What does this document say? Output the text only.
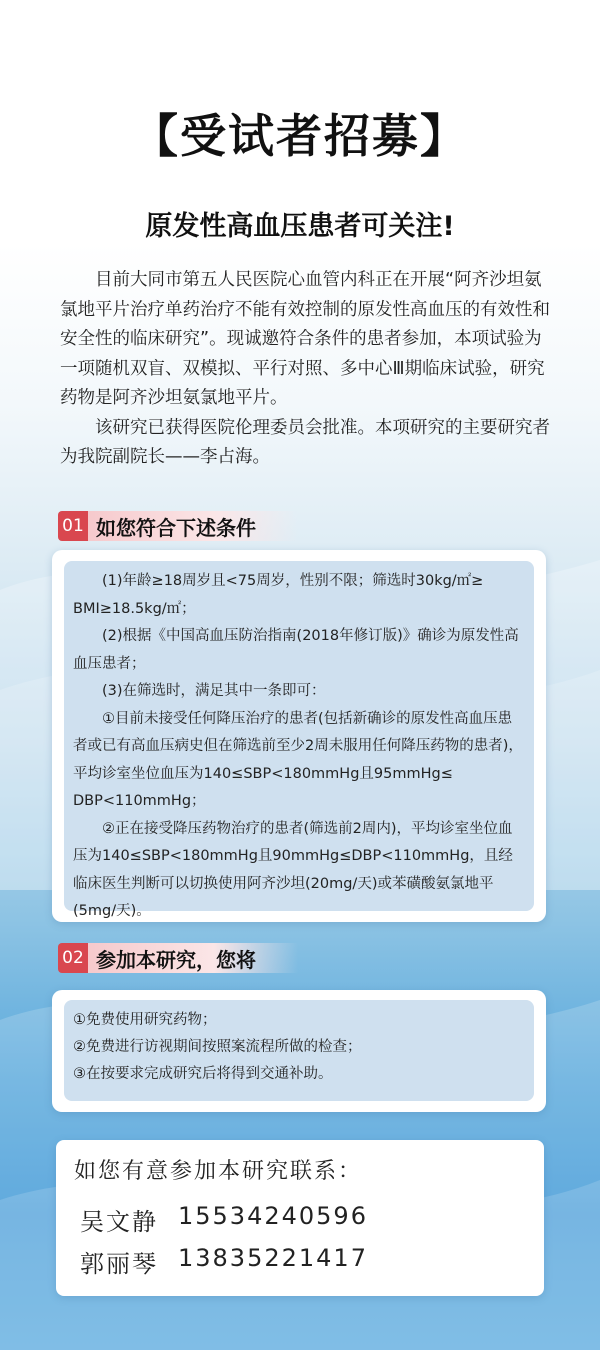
【受试者招募】
原发性高血压患者可关注!

目前大同市第五人民医院心血管内科正在开展“阿齐沙坦氨氯地平片治疗单药治疗不能有效控制的原发性高血压的有效性和安全性的临床研究”。现诚邀符合条件的患者参加，本项试验为一项随机双盲、双模拟、平行对照、多中心Ⅲ期临床试验，研究药物是阿齐沙坦氨氯地平片。

该研究已获得医院伦理委员会批准。本项研究的主要研究者为我院副院长——李占海。

01 如您符合下述条件

(1)年龄≥18周岁且<75周岁，性别不限；筛选时30kg/㎡≥

BMI≥18.5kg/㎡；

(2)根据《中国高血压防治指南(2018年修订版)》确诊为原发性高血压患者；

(3)在筛选时，满足其中一条即可：

①目前未接受任何降压治疗的患者(包括新确诊的原发性高血压患者或已有高血压病史但在筛选前至少2周未服用任何降压药物的患者)，平均诊室坐位血压为140≤SBP<180mmHg且95mmHg≤

DBP<110mmHg；

②正在接受降压药物治疗的患者(筛选前2周内)，平均诊室坐位血压为140≤SBP<180mmHg且90mmHg≤DBP<110mmHg，且经临床医生判断可以切换使用阿齐沙坦(20mg/天)或苯磺酸氨氯地平(5mg/天)。

02 参加本研究，您将

①免费使用研究药物；

②免费进行访视期间按照案流程所做的检查；

③在按要求完成研究后将得到交通补助。

如您有意参加本研究联系：
吴文静 15534240596
郭丽琴 13835221417
